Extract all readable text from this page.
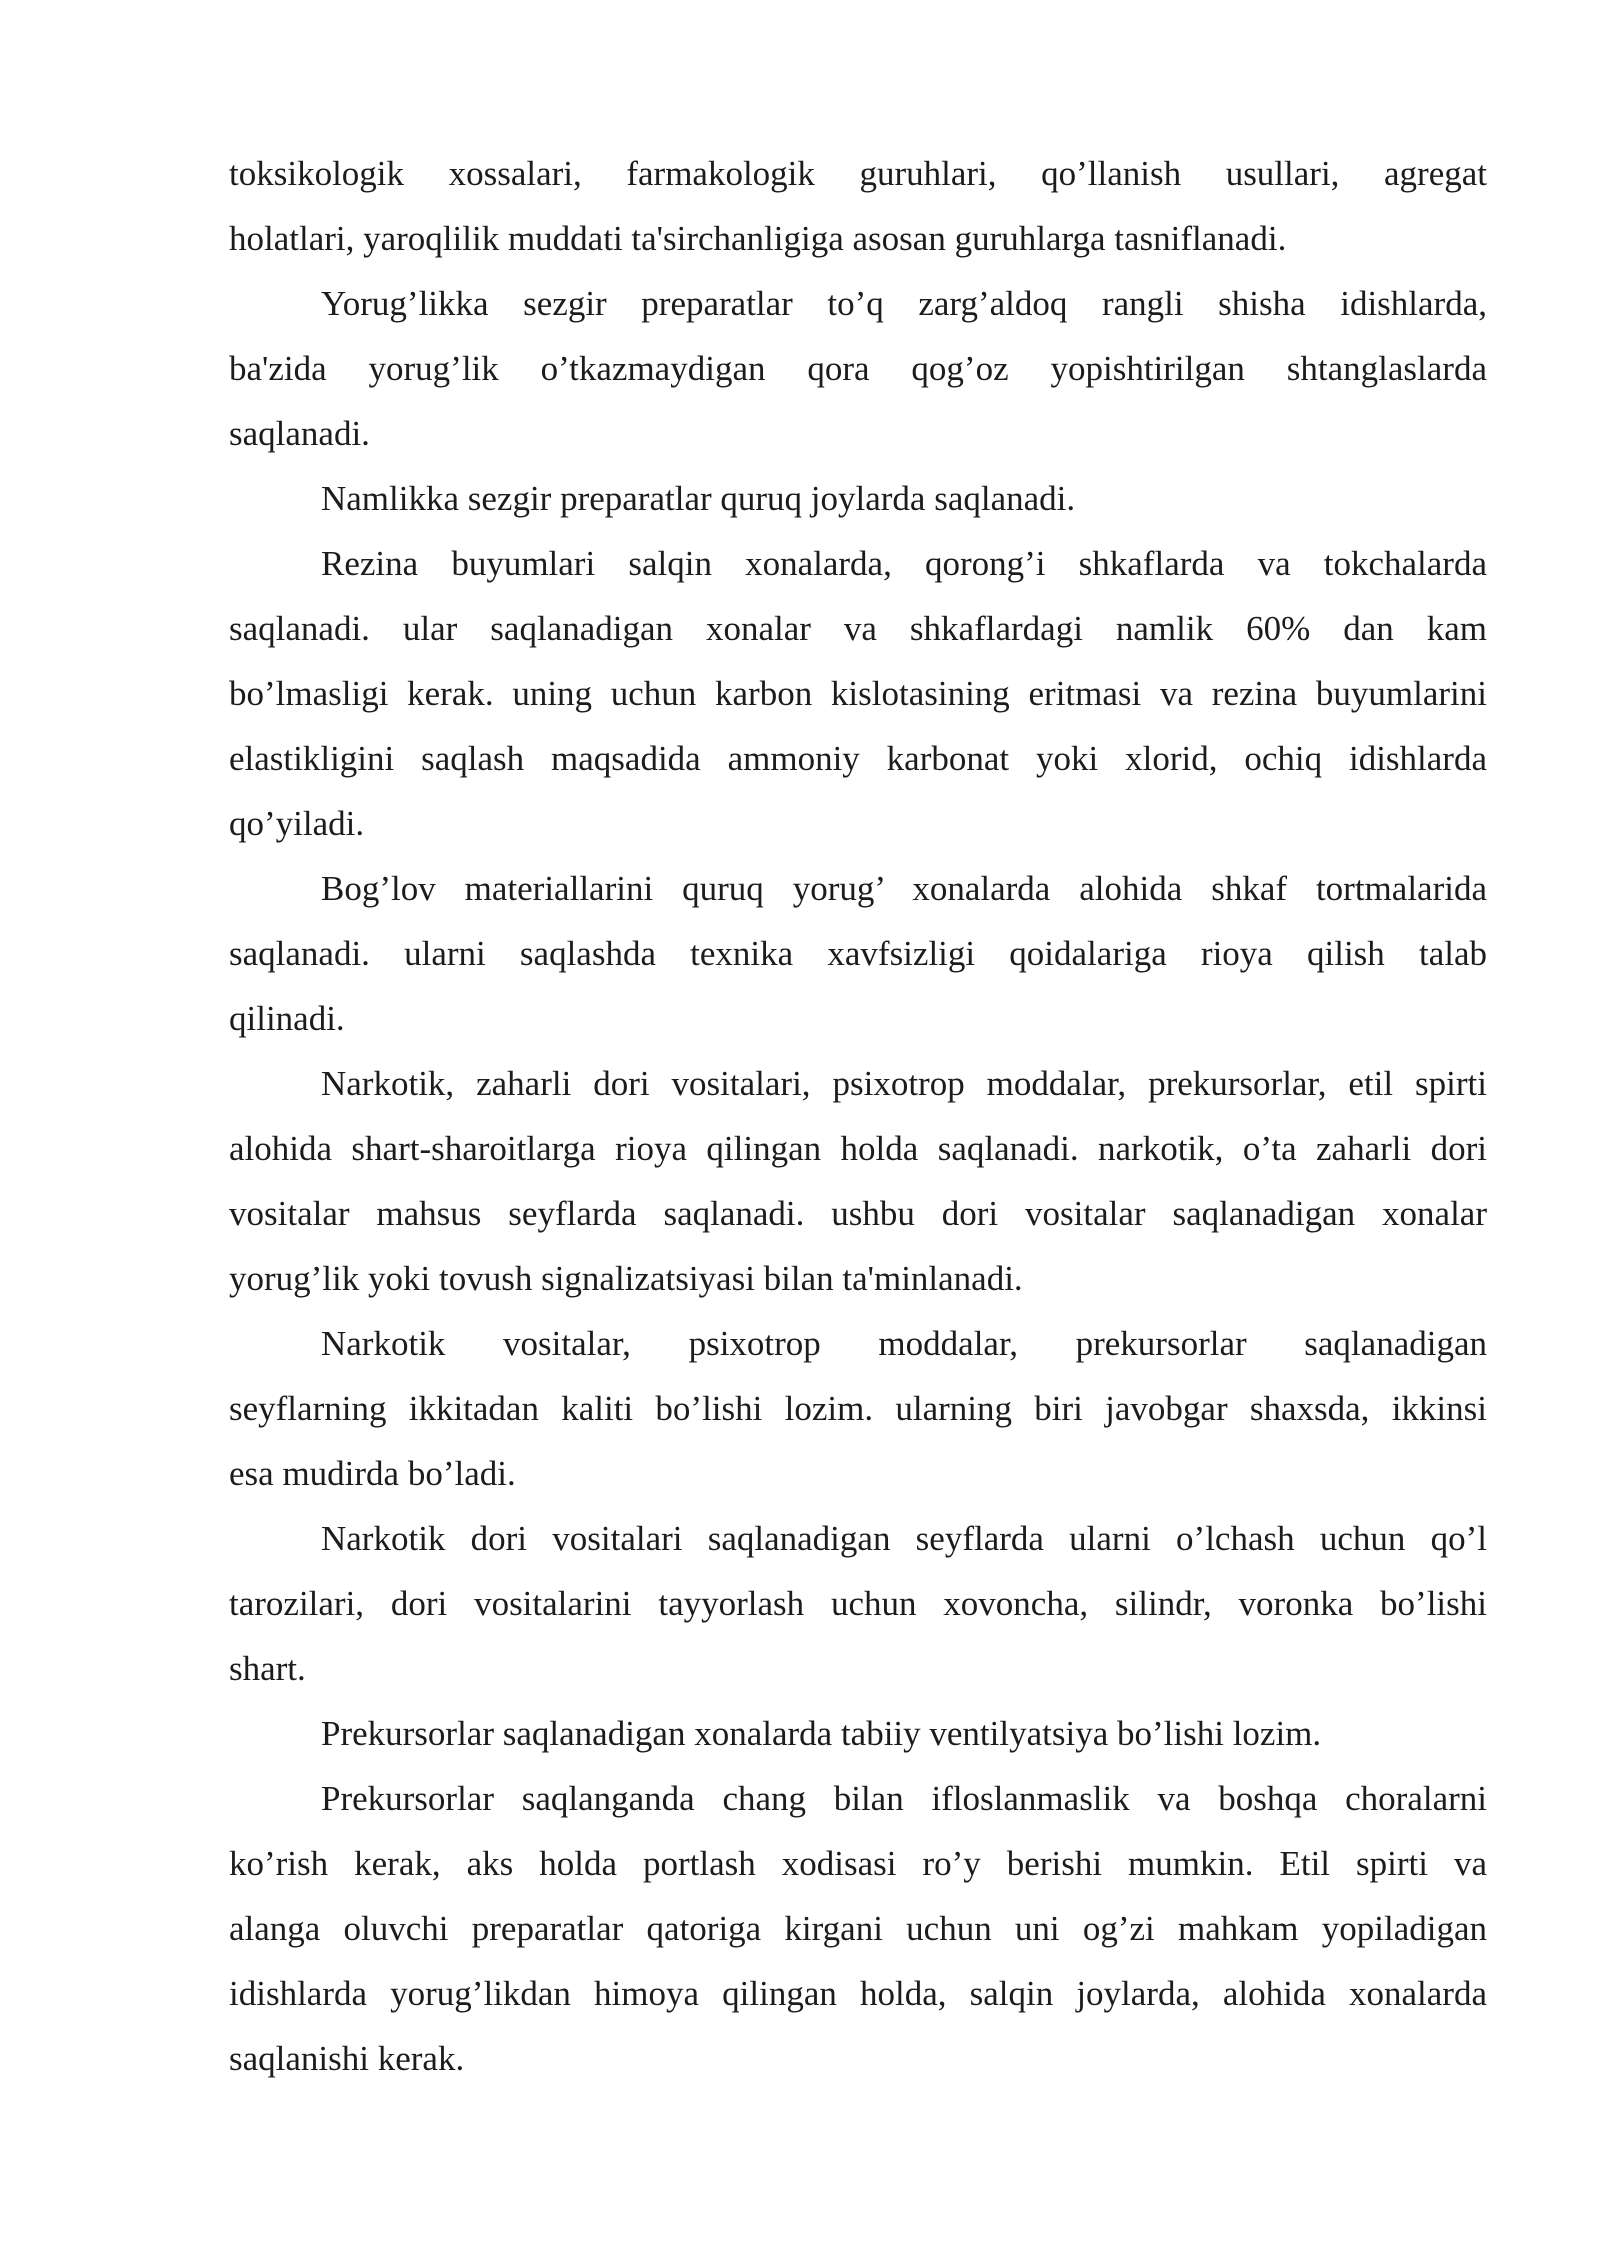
toksikologik xossalari, farmakologik guruhlari, qo’llanish usullari, agregat
holatlari, yaroqlilik muddati ta'sirchanligiga asosan guruhlarga tasniflanadi.
Yorug’likka sezgir preparatlar to’q zarg’aldoq rangli shisha idishlarda,
ba'zida yorug’lik o’tkazmaydigan qora qog’oz yopishtirilgan shtanglaslarda
saqlanadi.
Namlikka sezgir preparatlar quruq joylarda saqlanadi.
Rezina buyumlari salqin xonalarda, qorong’i shkaflarda va tokchalarda
saqlanadi. ular saqlanadigan xonalar va shkaflardagi namlik 60% dan kam
bo’lmasligi kerak. uning uchun karbon kislotasining eritmasi va rezina buyumlarini
elastikligini saqlash maqsadida ammoniy karbonat yoki xlorid, ochiq idishlarda
qo’yiladi.
Bog’lov materiallarini quruq yorug’ xonalarda alohida shkaf tortmalarida
saqlanadi. ularni saqlashda texnika xavfsizligi qoidalariga rioya qilish talab
qilinadi.
Narkotik, zaharli dori vositalari, psixotrop moddalar, prekursorlar, etil spirti
alohida shart-sharoitlarga rioya qilingan holda saqlanadi. narkotik, o’ta zaharli dori
vositalar mahsus seyflarda saqlanadi. ushbu dori vositalar saqlanadigan xonalar
yorug’lik yoki tovush signalizatsiyasi bilan ta'minlanadi.
Narkotik vositalar, psixotrop moddalar, prekursorlar saqlanadigan
seyflarning ikkitadan kaliti bo’lishi lozim. ularning biri javobgar shaxsda, ikkinsi
esa mudirda bo’ladi.
Narkotik dori vositalari saqlanadigan seyflarda ularni o’lchash uchun qo’l
tarozilari, dori vositalarini tayyorlash uchun xovoncha, silindr, voronka bo’lishi
shart.
Prekursorlar saqlanadigan xonalarda tabiiy ventilyatsiya bo’lishi lozim.
Prekursorlar saqlanganda chang bilan ifloslanmaslik va boshqa choralarni
ko’rish kerak, aks holda portlash xodisasi ro’y berishi mumkin. Etil spirti va
alanga oluvchi preparatlar qatoriga kirgani uchun uni og’zi mahkam yopiladigan
idishlarda yorug’likdan himoya qilingan holda, salqin joylarda, alohida xonalarda
saqlanishi kerak.
